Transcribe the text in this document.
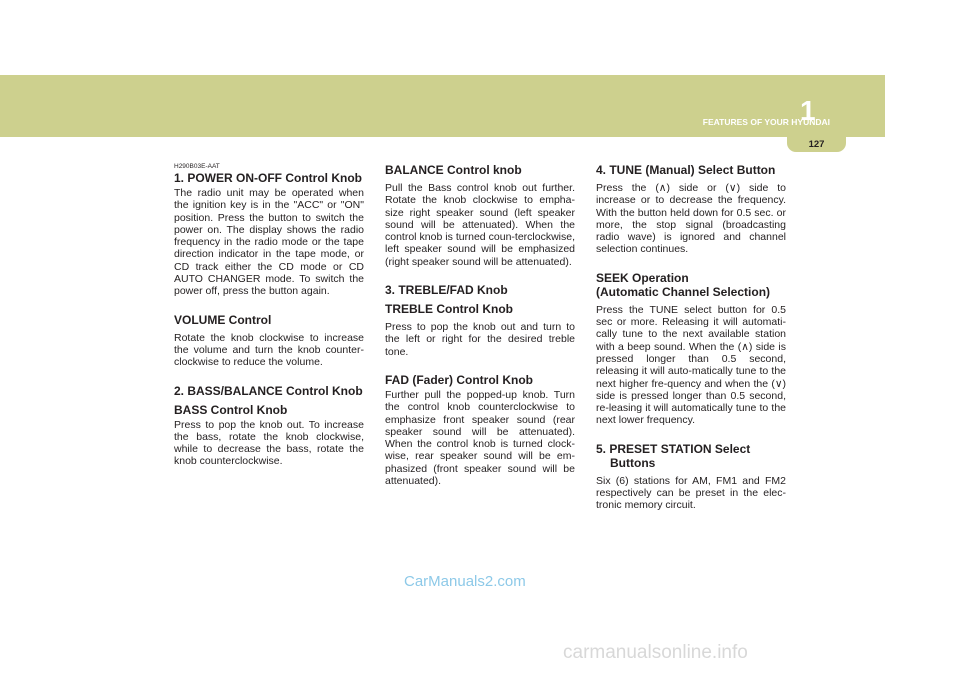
FEATURES OF YOUR HYUNDAI

1
127

H290B03E-AAT

1. POWER ON-OFF Control Knob

The radio unit may be operated when the ignition key is in the "ACC" or "ON" position. Press the button to switch the power on. The display shows the radio frequency in the radio mode or the tape direction indicator in the tape mode, or CD track either the CD mode or CD AUTO CHANGER mode. To switch the power off, press the button again.

VOLUME Control

Rotate the knob clockwise to increase the volume and turn the knob counter-clockwise to reduce the volume.

2. BASS/BALANCE Control Knob
BASS Control Knob

Press to pop the knob out. To increase the bass, rotate the knob clockwise, while to decrease the bass, rotate the knob counterclockwise.

BALANCE Control knob

Pull the Bass control knob out further. Rotate the knob clockwise to empha-size right speaker sound (left speaker sound will be attenuated). When the control knob is turned coun-terclockwise, left speaker sound will be emphasized (right speaker sound will be attenuated).

3. TREBLE/FAD Knob
TREBLE Control Knob

Press to pop the knob out and turn to the left or right for the desired treble tone.

FAD (Fader) Control Knob

Further pull the popped-up knob. Turn the control knob counterclockwise to emphasize front speaker sound (rear speaker sound will be attenuated). When the control knob is turned clock-wise, rear speaker sound will be em-phasized (front speaker sound will be attenuated).

4. TUNE (Manual) Select Button

Press the (∧) side or (∨) side to increase or to decrease the frequency. With the button held down for 0.5 sec. or more, the stop signal (broadcasting radio wave) is ignored and channel selection continues.

SEEK Operation
(Automatic Channel Selection)

Press the TUNE select button for 0.5 sec or more. Releasing it will automati-cally tune to the next available station with a beep sound. When the (∧) side is pressed longer than 0.5 second, releasing it will auto-matically tune to the next higher fre-quency and when the (∨) side is pressed longer than 0.5 second, re-leasing it will automatically tune to the next lower frequency.

5. PRESET STATION Select Buttons

Six (6) stations for AM, FM1 and FM2 respectively can be preset in the elec-tronic memory circuit.

CarManuals2.com

carmanualsonline.info
